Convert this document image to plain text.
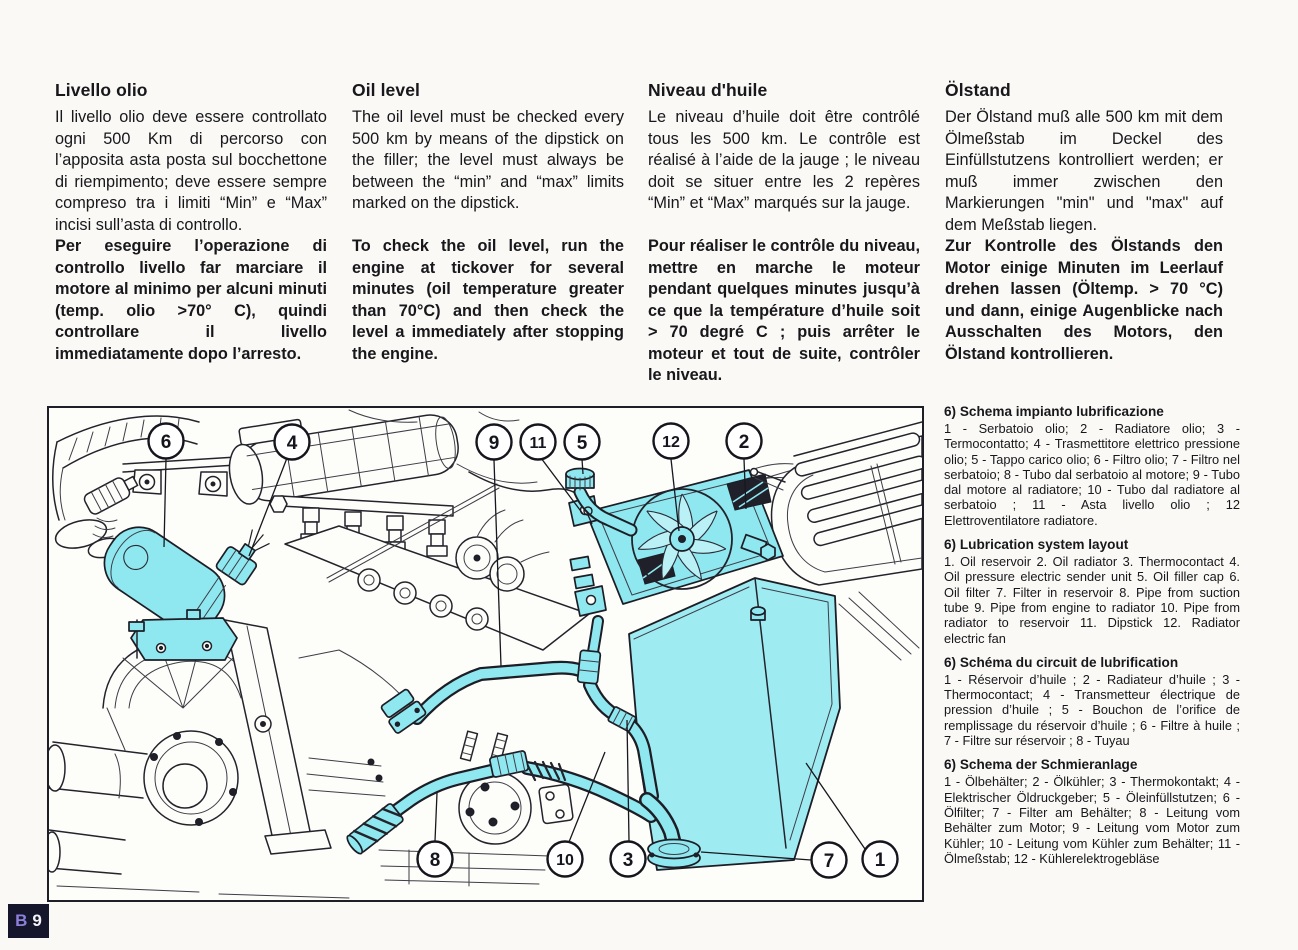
Livello olio

Il livello olio deve essere controllato ogni 500 Km di percorso con l’apposita asta posta sul bocchettone di riempimento; deve essere sempre compreso tra i limiti “Min” e “Max” incisi sull’asta di controllo.

Per eseguire l’operazione di controllo livello far marciare il motore al minimo per alcuni minuti (temp. olio >70° C), quindi controllare il livello immediatamente dopo l’arresto.

Oil level

The oil level must be checked every 500 km by means of the dipstick on the filler; the level must always be between the “min” and “max” limits marked on the dipstick.

To check the oil level, run the engine at tickover for several minutes (oil temperature greater than 70°C) and then check the level a immediately after stopping the engine.

Niveau d'huile

Le niveau d’huile doit être contrôlé tous les 500 km. Le contrôle est réalisé à l’aide de la jauge ; le niveau doit se situer entre les 2 repères “Min” et “Max” marqués sur la jauge.

Pour réaliser le contrôle du niveau, mettre en marche le moteur pendant quelques minutes jusqu’à ce que la température d’huile soit > 70 degré C ; puis arrêter le moteur et tout de suite, contrôler le niveau.

Ölstand

Der Ölstand muß alle 500 km mit dem Ölmeßstab im Deckel des Einfüllstutzens kontrolliert werden; er muß immer zwischen den Markierungen "min" und "max" auf dem Meßstab liegen.

Zur Kontrolle des Ölstands den Motor einige Minuten im Leerlauf drehen lassen (Öltemp. > 70 °C) und dann, einige Augenblicke nach Ausschalten des Motors, den Ölstand kontrollieren.

6	4	9 11 5	12	2
8	10	3	7 1
6) Schema impianto lubrificazione

1 - Serbatoio olio; 2 - Radiatore olio; 3 - Termocontatto; 4 - Trasmettitore elettrico pressione olio; 5 - Tappo carico olio; 6 - Filtro olio; 7 - Filtro nel serbatoio; 8 - Tubo dal serbatoio al motore; 9 - Tubo dal motore al radiatore; 10 - Tubo dal radiatore al serbatoio ; 11 - Asta livello olio ; 12 Elettroventilatore radiatore.

6) Lubrication system layout

1. Oil reservoir 2. Oil radiator 3. Thermocontact 4. Oil pressure electric sender unit 5. Oil filler cap 6. Oil filter 7. Filter in reservoir 8. Pipe from suction tube 9. Pipe from engine to radiator 10. Pipe from radiator to reservoir 11. Dipstick 12. Radiator electric fan

6) Schéma du circuit de lubrification

1 - Réservoir d’huile ; 2 - Radiateur d’huile ; 3 - Thermocontact; 4 - Transmetteur électrique de pression d’huile ; 5 - Bouchon de l’orifice de remplissage du réservoir d’huile ; 6 - Filtre à huile ; 7 - Filtre sur réservoir ; 8 - Tuyau

6) Schema der Schmieranlage

1 - Ölbehälter; 2 - Ölkühler; 3 - Thermokontakt; 4 - Elektrischer Öldruckgeber; 5 - Öleinfüllstutzen; 6 - Ölfilter; 7 - Filter am Behälter; 8 - Leitung vom Behälter zum Motor; 9 - Leitung vom Motor zum Kühler; 10 - Leitung vom Kühler zum Behälter; 11 - Ölmeßstab; 12 - Kühlerelektrogebläse

B 9
